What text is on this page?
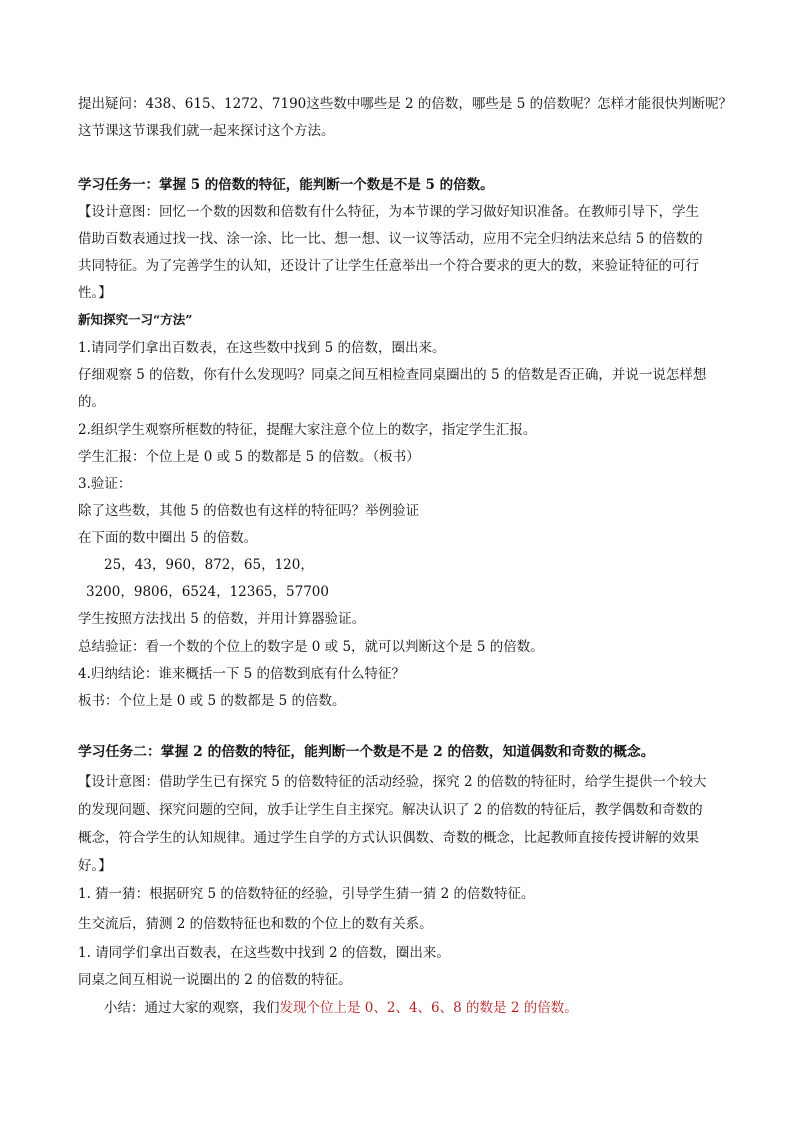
提出疑问：438、615、1272、7190这些数中哪些是 2 的倍数，哪些是 5 的倍数呢？怎样才能很快判断呢？
这节课这节课我们就一起来探讨这个方法。
学习任务一：掌握 5 的倍数的特征，能判断一个数是不是 5 的倍数。
【设计意图：回忆一个数的因数和倍数有什么特征，为本节课的学习做好知识准备。在教师引导下，学生
借助百数表通过找一找、涂一涂、比一比、想一想、议一议等活动，应用不完全归纳法来总结 5 的倍数的
共同特征。为了完善学生的认知，还设计了让学生任意举出一个符合要求的更大的数，来验证特征的可行
性。】
新知探究一习“方法”
1.请同学们拿出百数表，在这些数中找到 5 的倍数，圈出来。
仔细观察 5 的倍数，你有什么发现吗？同桌之间互相检查同桌圈出的 5 的倍数是否正确，并说一说怎样想
的。
2.组织学生观察所框数的特征，提醒大家注意个位上的数字，指定学生汇报。
学生汇报：个位上是 0 或 5 的数都是 5 的倍数。（板书）
3.验证：
除了这些数，其他 5 的倍数也有这样的特征吗？举例验证
在下面的数中圈出 5 的倍数。
25，43，960，872，65，120，
3200，9806，6524，12365，57700
学生按照方法找出 5 的倍数，并用计算器验证。
总结验证：看一个数的个位上的数字是 0 或 5，就可以判断这个是 5 的倍数。
4.归纳结论：谁来概括一下 5 的倍数到底有什么特征？
板书：个位上是 0 或 5 的数都是 5 的倍数。
学习任务二：掌握 2 的倍数的特征，能判断一个数是不是 2 的倍数，知道偶数和奇数的概念。
【设计意图：借助学生已有探究 5 的倍数特征的活动经验，探究 2 的倍数的特征时，给学生提供一个较大
的发现问题、探究问题的空间，放手让学生自主探究。解决认识了 2 的倍数的特征后，教学偶数和奇数的
概念，符合学生的认知规律。通过学生自学的方式认识偶数、奇数的概念，比起教师直接传授讲解的效果
好。】
1. 猜一猜：根据研究 5 的倍数特征的经验，引导学生猜一猜 2 的倍数特征。
生交流后，猜测 2 的倍数特征也和数的个位上的数有关系。
1. 请同学们拿出百数表，在这些数中找到 2 的倍数，圈出来。
同桌之间互相说一说圈出的 2 的倍数的特征。
小结：通过大家的观察，我们发现个位上是 0、2、4、6、8 的数是 2 的倍数。
